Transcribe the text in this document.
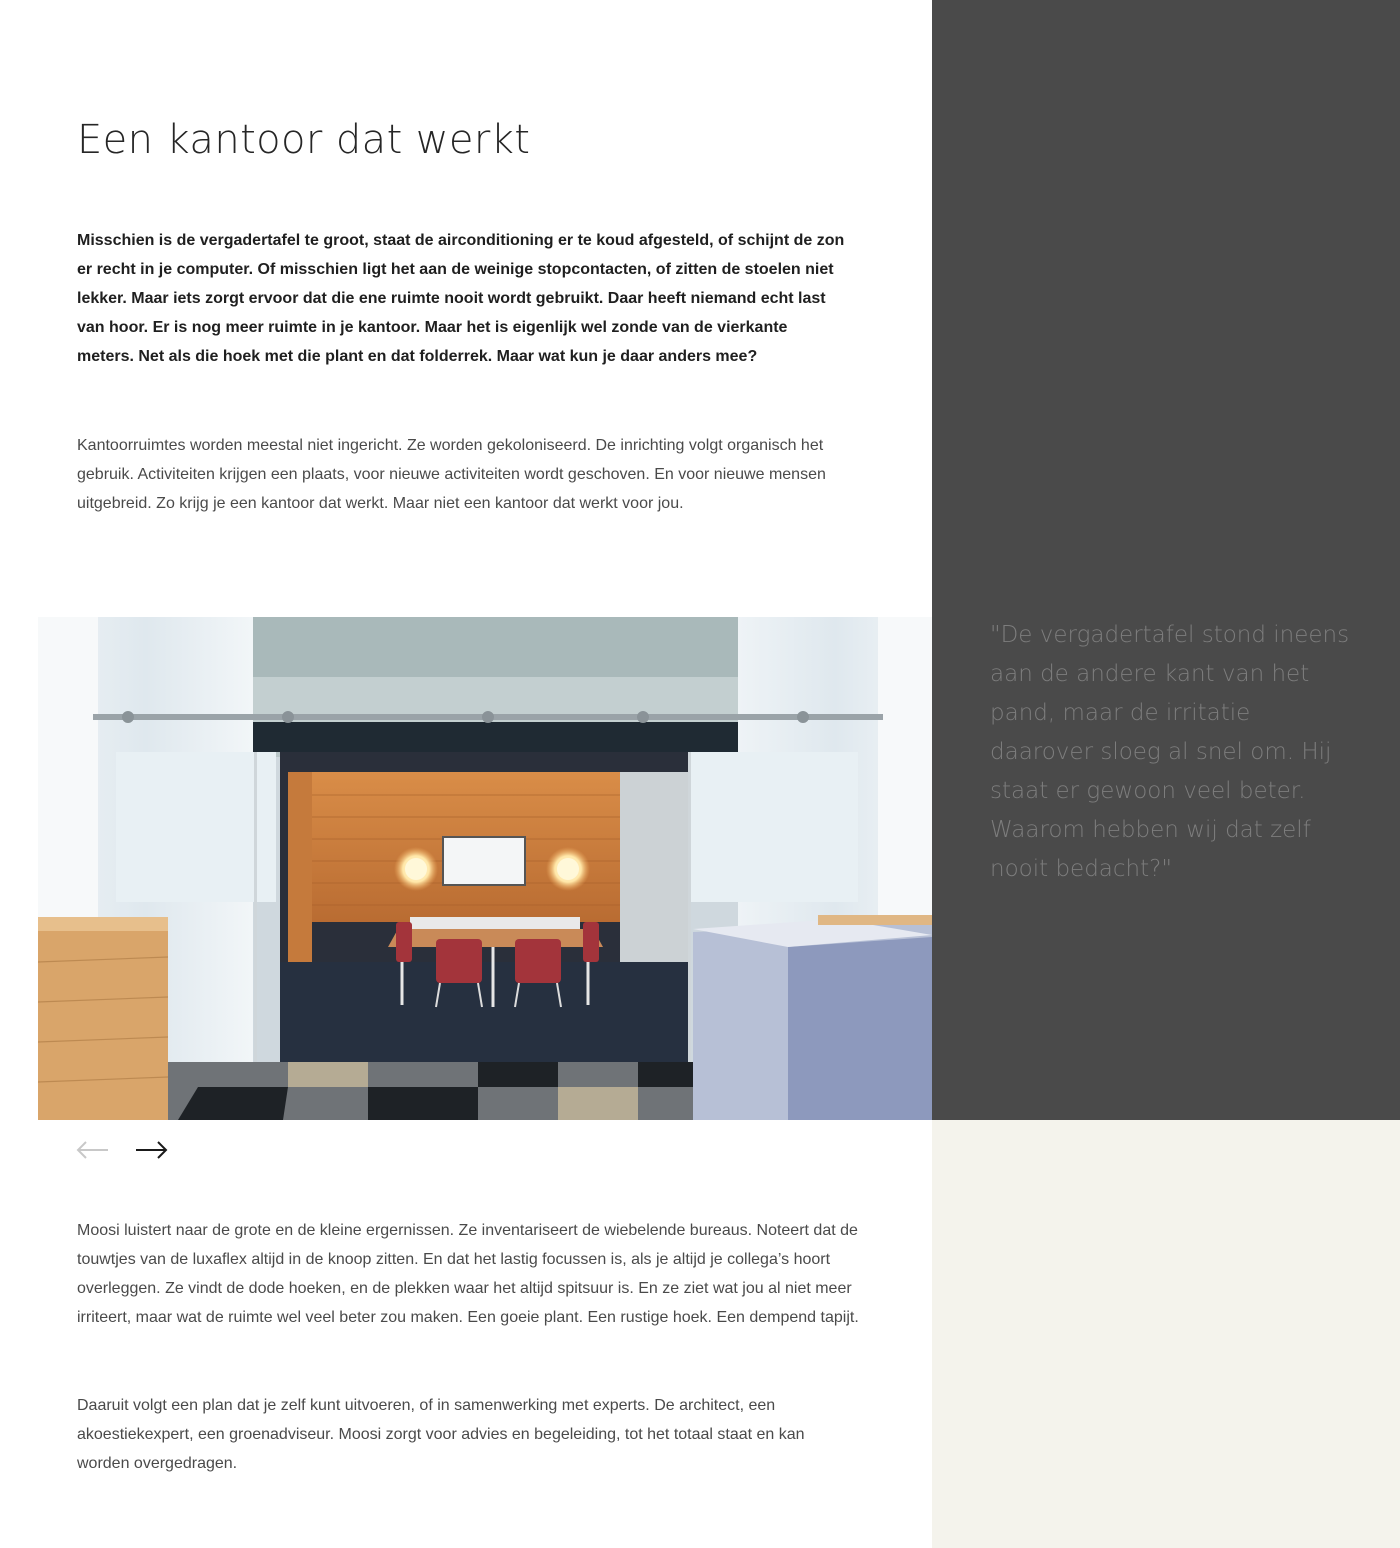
Een kantoor dat werkt

Misschien is de vergadertafel te groot, staat de airconditioning er te koud afgesteld, of schijnt de zon er recht in je computer. Of misschien ligt het aan de weinige stopcontacten, of zitten de stoelen niet lekker. Maar iets zorgt ervoor dat die ene ruimte nooit wordt gebruikt. Daar heeft niemand echt last van hoor. Er is nog meer ruimte in je kantoor. Maar het is eigenlijk wel zonde van de vierkante meters. Net als die hoek met die plant en dat folderrek. Maar wat kun je daar anders mee?

Kantoorruimtes worden meestal niet ingericht. Ze worden gekoloniseerd. De inrichting volgt organisch het gebruik. Activiteiten krijgen een plaats, voor nieuwe activiteiten wordt geschoven. En voor nieuwe mensen uitgebreid. Zo krijg je een kantoor dat werkt. Maar niet een kantoor dat werkt voor jou.

"De vergadertafel stond ineens aan de andere kant van het pand, maar de irritatie daarover sloeg al snel om. Hij staat er gewoon veel beter. Waarom hebben wij dat zelf nooit bedacht?"

Moosi luistert naar de grote en de kleine ergernissen. Ze inventariseert de wiebelende bureaus. Noteert dat de touwtjes van de luxaflex altijd in de knoop zitten. En dat het lastig focussen is, als je altijd je collega’s hoort overleggen. Ze vindt de dode hoeken, en de plekken waar het altijd spitsuur is. En ze ziet wat jou al niet meer irriteert, maar wat de ruimte wel veel beter zou maken. Een goeie plant. Een rustige hoek. Een dempend tapijt.

Daaruit volgt een plan dat je zelf kunt uitvoeren, of in samenwerking met experts. De architect, een akoestiekexpert, een groenadviseur. Moosi zorgt voor advies en begeleiding, tot het totaal staat en kan worden overgedragen.
